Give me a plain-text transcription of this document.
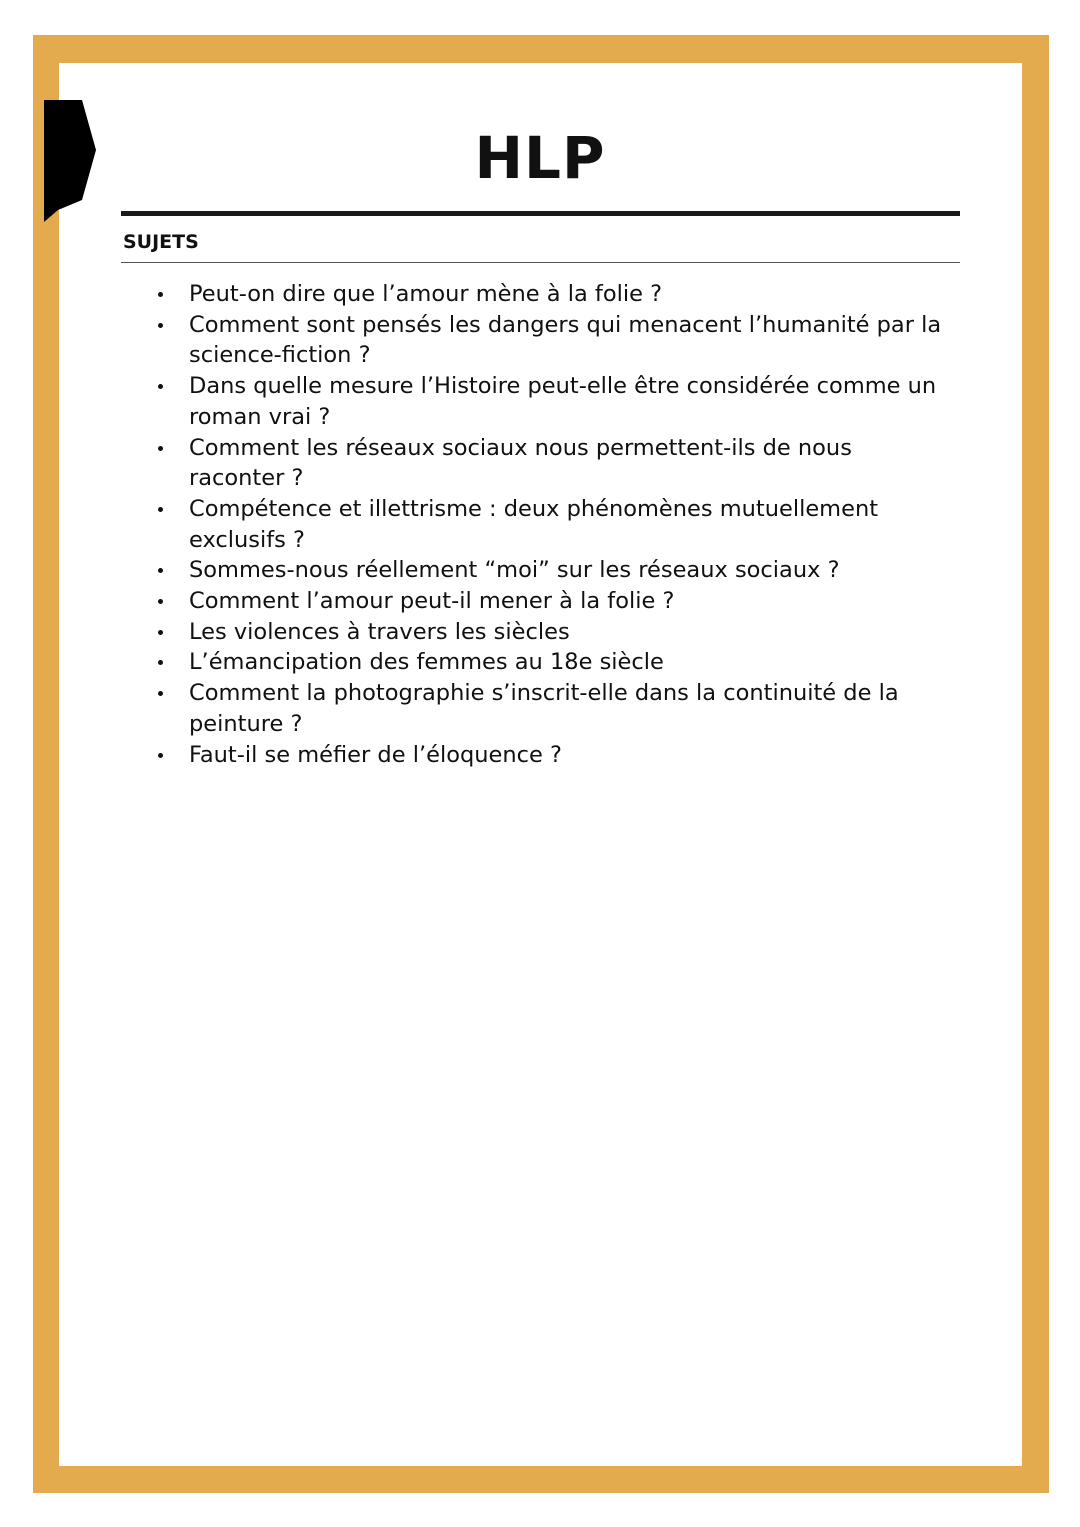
HLP
SUJETS
Peut-on dire que l’amour mène à la folie ?
Comment sont pensés les dangers qui menacent l’humanité par la science-fiction ?
Dans quelle mesure l’Histoire peut-elle être considérée comme un roman vrai ?
Comment les réseaux sociaux nous permettent-ils de nous raconter ?
Compétence et illettrisme : deux phénomènes mutuellement exclusifs ?
Sommes-nous réellement “moi” sur les réseaux sociaux ?
Comment l’amour peut-il mener à la folie ?
Les violences à travers les siècles
L’émancipation des femmes au 18e siècle
Comment la photographie s’inscrit-elle dans la continuité de la peinture ?
Faut-il se méfier de l’éloquence ?
